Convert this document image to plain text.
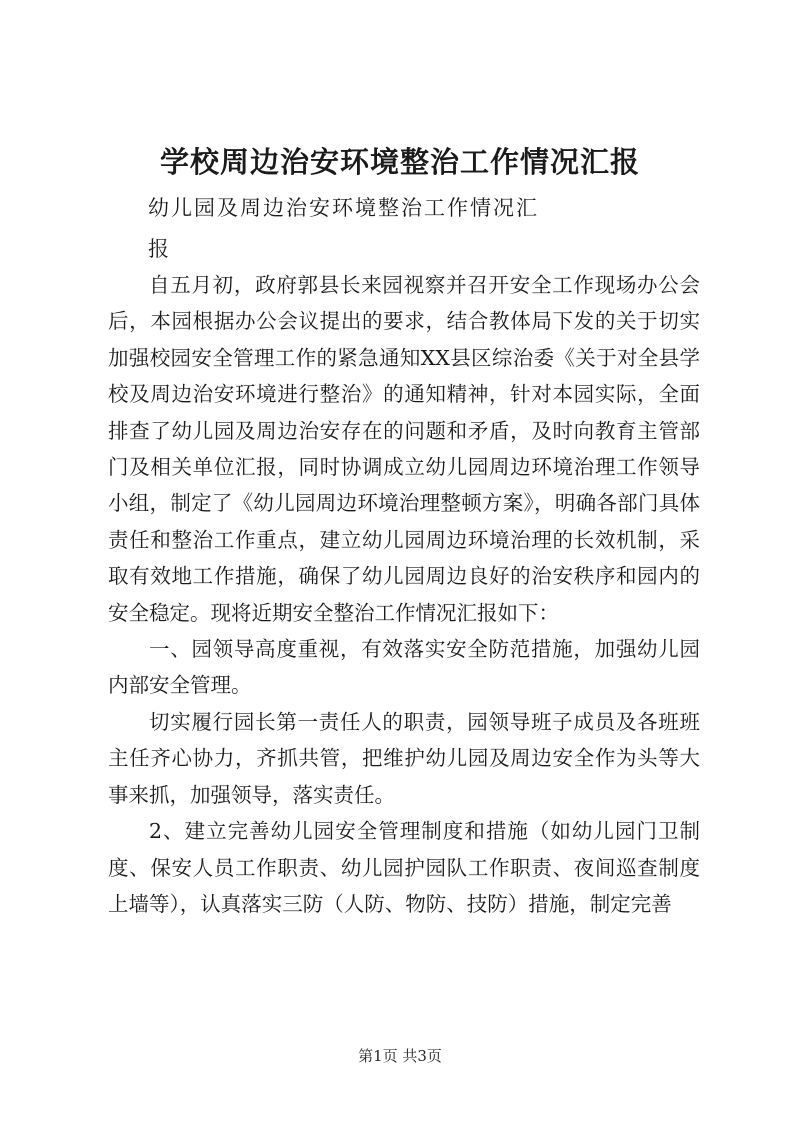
学校周边治安环境整治工作情况汇报
幼儿园及周边治安环境整治工作情况汇
报

自五月初，政府郭县长来园视察并召开安全工作现场办公会后，本园根据办公会议提出的要求，结合教体局下发的关于切实加强校园安全管理工作的紧急通知XX县区综治委《关于对全县学校及周边治安环境进行整治》的通知精神，针对本园实际，全面排查了幼儿园及周边治安存在的问题和矛盾，及时向教育主管部门及相关单位汇报，同时协调成立幼儿园周边环境治理工作领导小组，制定了《幼儿园周边环境治理整顿方案》，明确各部门具体责任和整治工作重点，建立幼儿园周边环境治理的长效机制，采取有效地工作措施，确保了幼儿园周边良好的治安秩序和园内的安全稳定。现将近期安全整治工作情况汇报如下：

一、园领导高度重视，有效落实安全防范措施，加强幼儿园内部安全管理。

切实履行园长第一责任人的职责，园领导班子成员及各班班主任齐心协力，齐抓共管，把维护幼儿园及周边安全作为头等大事来抓，加强领导，落实责任。

2、建立完善幼儿园安全管理制度和措施（如幼儿园门卫制度、保安人员工作职责、幼儿园护园队工作职责、夜间巡查制度上墙等），认真落实三防（人防、物防、技防）措施，制定完善

第1页 共3页
